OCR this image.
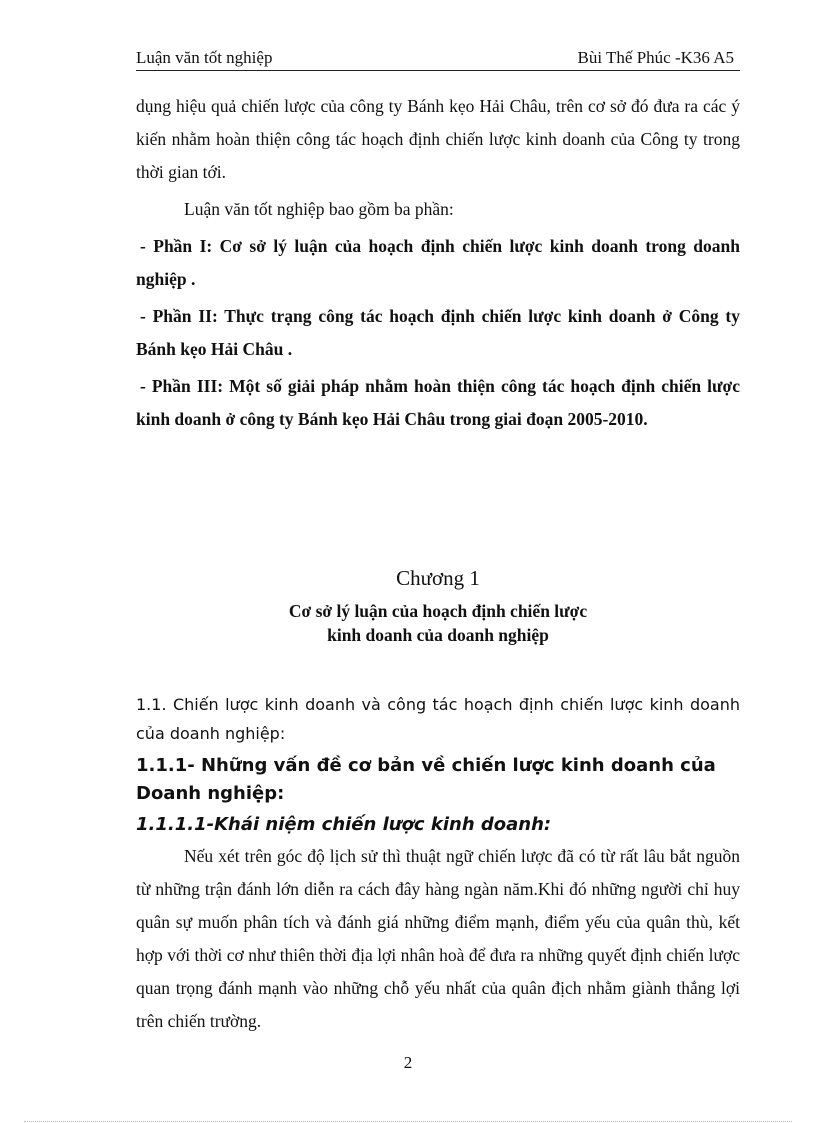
Luận văn tốt nghiệp	Bùi Thế Phúc -K36 A5

dụng hiệu quả chiến lược của công ty Bánh kẹo Hải Châu, trên cơ sở đó đưa ra các ý kiến nhằm hoàn thiện công tác hoạch định chiến lược kinh doanh của Công ty trong thời gian tới.

Luận văn tốt nghiệp bao gồm ba phần:

- Phần I: Cơ sở lý luận của hoạch định chiến lược kinh doanh trong doanh nghiệp .

- Phần II: Thực trạng công tác hoạch định chiến lược kinh doanh ở Công ty Bánh kẹo Hải Châu .

- Phần III: Một số giải pháp nhằm hoàn thiện công tác hoạch định chiến lược kinh doanh ở công ty Bánh kẹo Hải Châu trong giai đoạn 2005-2010.

Chương 1

Cơ sở lý luận của hoạch định chiến lược

kinh doanh của doanh nghiệp

1.1. Chiến lược kinh doanh và công tác hoạch định chiến lược kinh doanh của doanh nghiệp:

1.1.1- Những vấn đề cơ bản về chiến lược kinh doanh của Doanh nghiệp:

1.1.1.1-Khái niệm chiến lược kinh doanh:

Nếu xét trên góc độ lịch sử thì thuật ngữ chiến lược đã có từ rất lâu bắt nguồn từ những trận đánh lớn diễn ra cách đây hàng ngàn năm.Khi đó những người chỉ huy quân sự muốn phân tích và đánh giá những điểm mạnh, điểm yếu của quân thù, kết hợp với thời cơ như thiên thời địa lợi nhân hoà để đưa ra những quyết định chiến lược quan trọng đánh mạnh vào những chỗ yếu nhất của quân địch nhằm giành thắng lợi trên chiến trường.

2
